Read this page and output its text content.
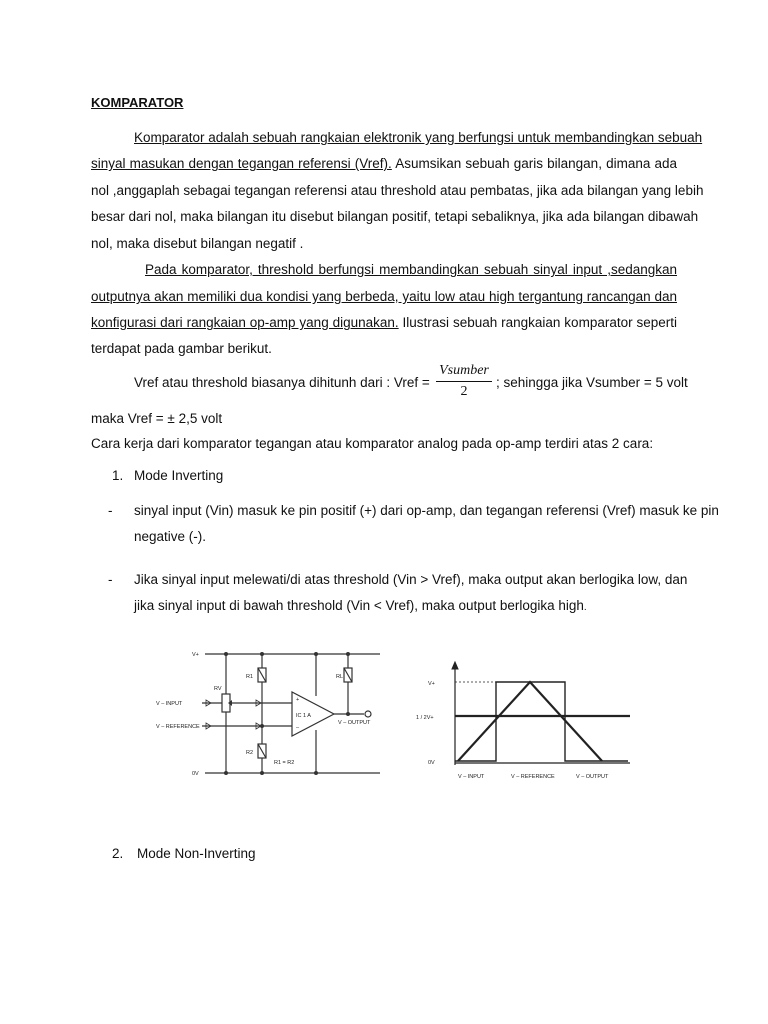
KOMPARATOR
Komparator adalah sebuah rangkaian elektronik yang berfungsi untuk membandingkan sebuah
sinyal masukan dengan tegangan referensi (Vref). Asumsikan sebuah garis bilangan, dimana ada
nol ,anggaplah sebagai tegangan referensi atau threshold atau pembatas, jika ada bilangan yang lebih
besar dari nol, maka bilangan itu disebut bilangan positif, tetapi sebaliknya, jika ada bilangan dibawah
nol, maka disebut bilangan negatif .
Pada komparator, threshold berfungsi membandingkan sebuah sinyal input ,sedangkan
outputnya akan memiliki dua kondisi yang berbeda, yaitu low atau high tergantung rancangan dan
konfigurasi dari rangkaian op-amp yang digunakan. Ilustrasi sebuah rangkaian komparator seperti
terdapat pada gambar berikut.
Vref atau threshold biasanya dihitunh dari : Vref =
Vsumber
2
; sehingga jika Vsumber = 5 volt
maka Vref = ± 2,5 volt
Cara kerja dari komparator tegangan atau komparator analog pada op-amp terdiri atas 2 cara:
1. Mode Inverting
- sinyal input (Vin) masuk ke pin positif (+) dari op-amp, dan tegangan referensi (Vref) masuk ke pin
negative (-).
- Jika sinyal input melewati/di atas threshold (Vin > Vref), maka output akan berlogika low, dan
jika sinyal input di bawah threshold (Vin < Vref), maka output berlogika high.
V+
R1	RL
RV
V – INPUT
V – REFERENCE
+
–
IC 1 A
V – OUTPUT
R2
R1 = R2
0V
V+
1 / 2V+
0V
V – INPUT	V – REFERENCE	V – OUTPUT
2. Mode Non-Inverting
